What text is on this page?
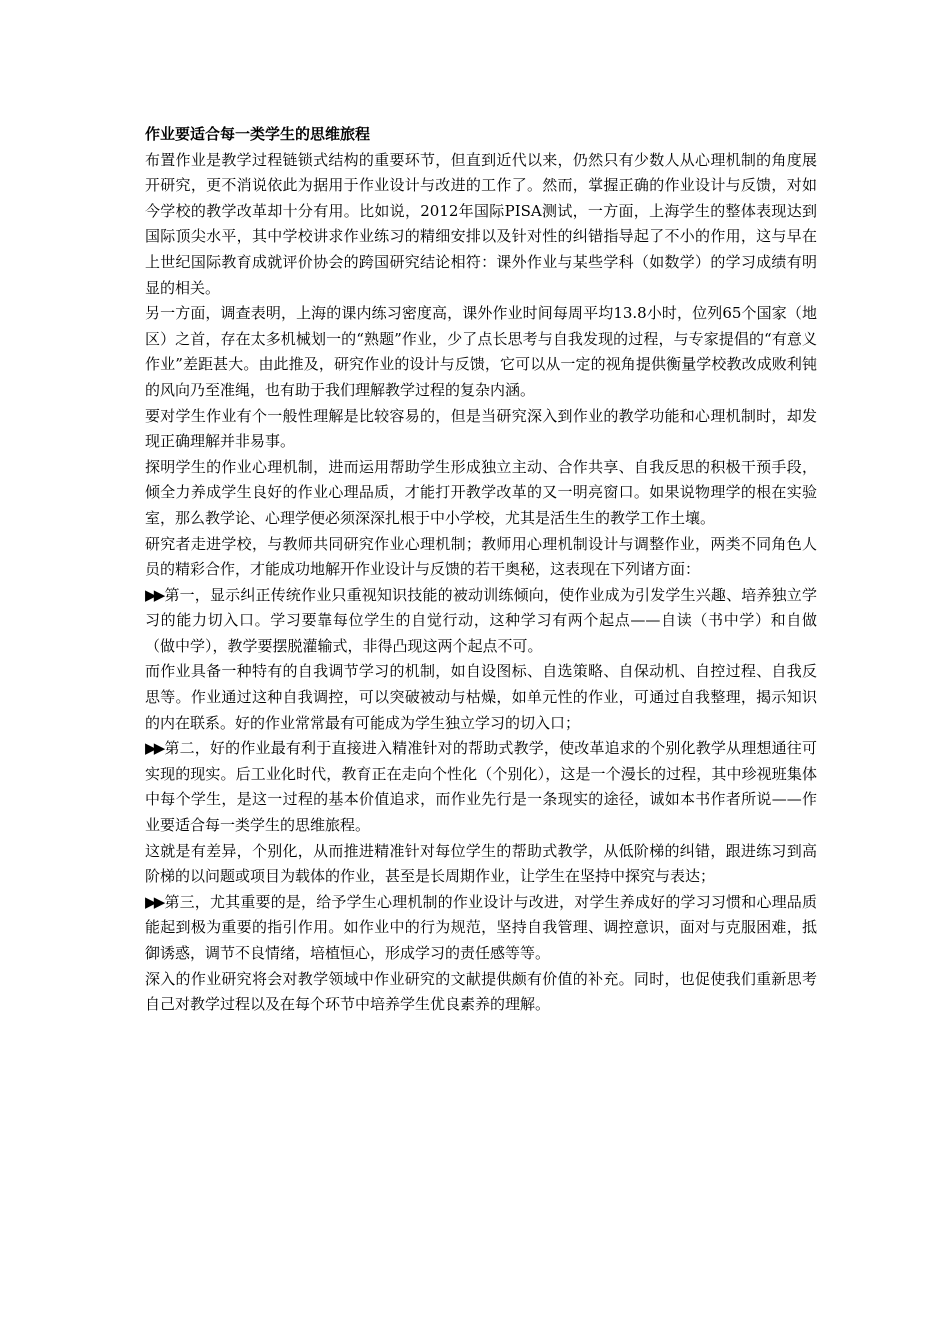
作业要适合每一类学生的思维旅程

布置作业是教学过程链锁式结构的重要环节，但直到近代以来，仍然只有少数人从心理机制的角度展开研究，更不消说依此为据用于作业设计与改进的工作了。然而，掌握正确的作业设计与反馈，对如今学校的教学改革却十分有用。比如说，2012年国际PISA测试，一方面，上海学生的整体表现达到国际顶尖水平，其中学校讲求作业练习的精细安排以及针对性的纠错指导起了不小的作用，这与早在上世纪国际教育成就评价协会的跨国研究结论相符：课外作业与某些学科（如数学）的学习成绩有明显的相关。

另一方面，调查表明，上海的课内练习密度高，课外作业时间每周平均13.8小时，位列65个国家（地区）之首，存在太多机械划一的“熟题”作业，少了点长思考与自我发现的过程，与专家提倡的“有意义作业”差距甚大。由此推及，研究作业的设计与反馈，它可以从一定的视角提供衡量学校教改成败利钝的风向乃至准绳，也有助于我们理解教学过程的复杂内涵。

要对学生作业有个一般性理解是比较容易的，但是当研究深入到作业的教学功能和心理机制时，却发现正确理解并非易事。

探明学生的作业心理机制，进而运用帮助学生形成独立主动、合作共享、自我反思的积极干预手段，倾全力养成学生良好的作业心理品质，才能打开教学改革的又一明亮窗口。如果说物理学的根在实验室，那么教学论、心理学便必须深深扎根于中小学校，尤其是活生生的教学工作土壤。

研究者走进学校，与教师共同研究作业心理机制；教师用心理机制设计与调整作业，两类不同角色人员的精彩合作，才能成功地解开作业设计与反馈的若干奥秘，这表现在下列诸方面：

▶▶ 第一，显示纠正传统作业只重视知识技能的被动训练倾向，使作业成为引发学生兴趣、培养独立学习的能力切入口。学习要靠每位学生的自觉行动，这种学习有两个起点——自读（书中学）和自做（做中学），教学要摆脱灌输式，非得凸现这两个起点不可。

而作业具备一种特有的自我调节学习的机制，如自设图标、自选策略、自保动机、自控过程、自我反思等。作业通过这种自我调控，可以突破被动与枯燥，如单元性的作业，可通过自我整理，揭示知识的内在联系。好的作业常常最有可能成为学生独立学习的切入口；

▶▶ 第二，好的作业最有利于直接进入精准针对的帮助式教学，使改革追求的个别化教学从理想通往可实现的现实。后工业化时代，教育正在走向个性化（个别化），这是一个漫长的过程，其中珍视班集体中每个学生，是这一过程的基本价值追求，而作业先行是一条现实的途径，诚如本书作者所说——作业要适合每一类学生的思维旅程。

这就是有差异，个别化，从而推进精准针对每位学生的帮助式教学，从低阶梯的纠错，跟进练习到高阶梯的以问题或项目为载体的作业，甚至是长周期作业，让学生在坚持中探究与表达；

▶▶ 第三，尤其重要的是，给予学生心理机制的作业设计与改进，对学生养成好的学习习惯和心理品质能起到极为重要的指引作用。如作业中的行为规范，坚持自我管理、调控意识，面对与克服困难，抵御诱惑，调节不良情绪，培植恒心，形成学习的责任感等等。

深入的作业研究将会对教学领域中作业研究的文献提供颇有价值的补充。同时，也促使我们重新思考自己对教学过程以及在每个环节中培养学生优良素养的理解。
